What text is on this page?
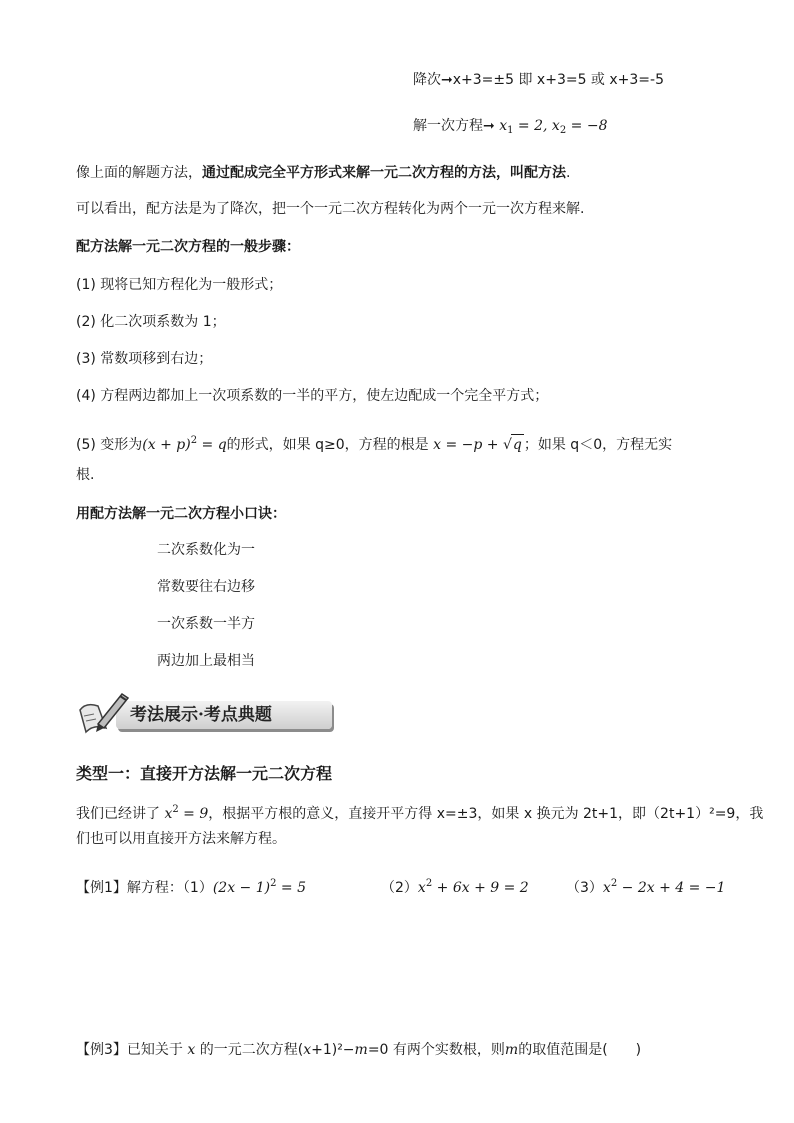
降次➞x+3=±5 即 x+3=5 或 x+3=-5
解一次方程➞ $x_1 = 2$, $x_2 = -8$
像上面的解题方法，通过配成完全平方形式来解一元二次方程的方法，叫配方法.
可以看出，配方法是为了降次，把一个一元二次方程转化为两个一元一次方程来解.
配方法解一元二次方程的一般步骤：
(1) 现将已知方程化为一般形式；
(2) 化二次项系数为 1；
(3) 常数项移到右边；
(4) 方程两边都加上一次项系数的一半的平方，使左边配成一个完全平方式；
(5) 变形为$(x + p)^2 = q$的形式，如果 q≥0，方程的根是 x = −p + √q ；如果 q＜0，方程无实
根.
用配方法解一元二次方程小口诀：
二次系数化为一
常数要往右边移
一次系数一半方
两边加上最相当
考法展示·考点典题
类型一：直接开方法解一元二次方程
我们已经讲了 $x^2 = 9$，根据平方根的意义，直接开平方得 x=±3，如果 x 换元为 2t+1，即（2t+1）²=9，我
们也可以用直接开方法来解方程。
【例1】解方程：$(1)(2x - 1)^2 = 5$	$(2)x^2 + 6x + 9 = 2$	$(3)x^2 - 2x + 4 = -1$
【例3】已知关于 x 的一元二次方程(x+1)²−m=0 有两个实数根，则m的取值范围是(　　)
